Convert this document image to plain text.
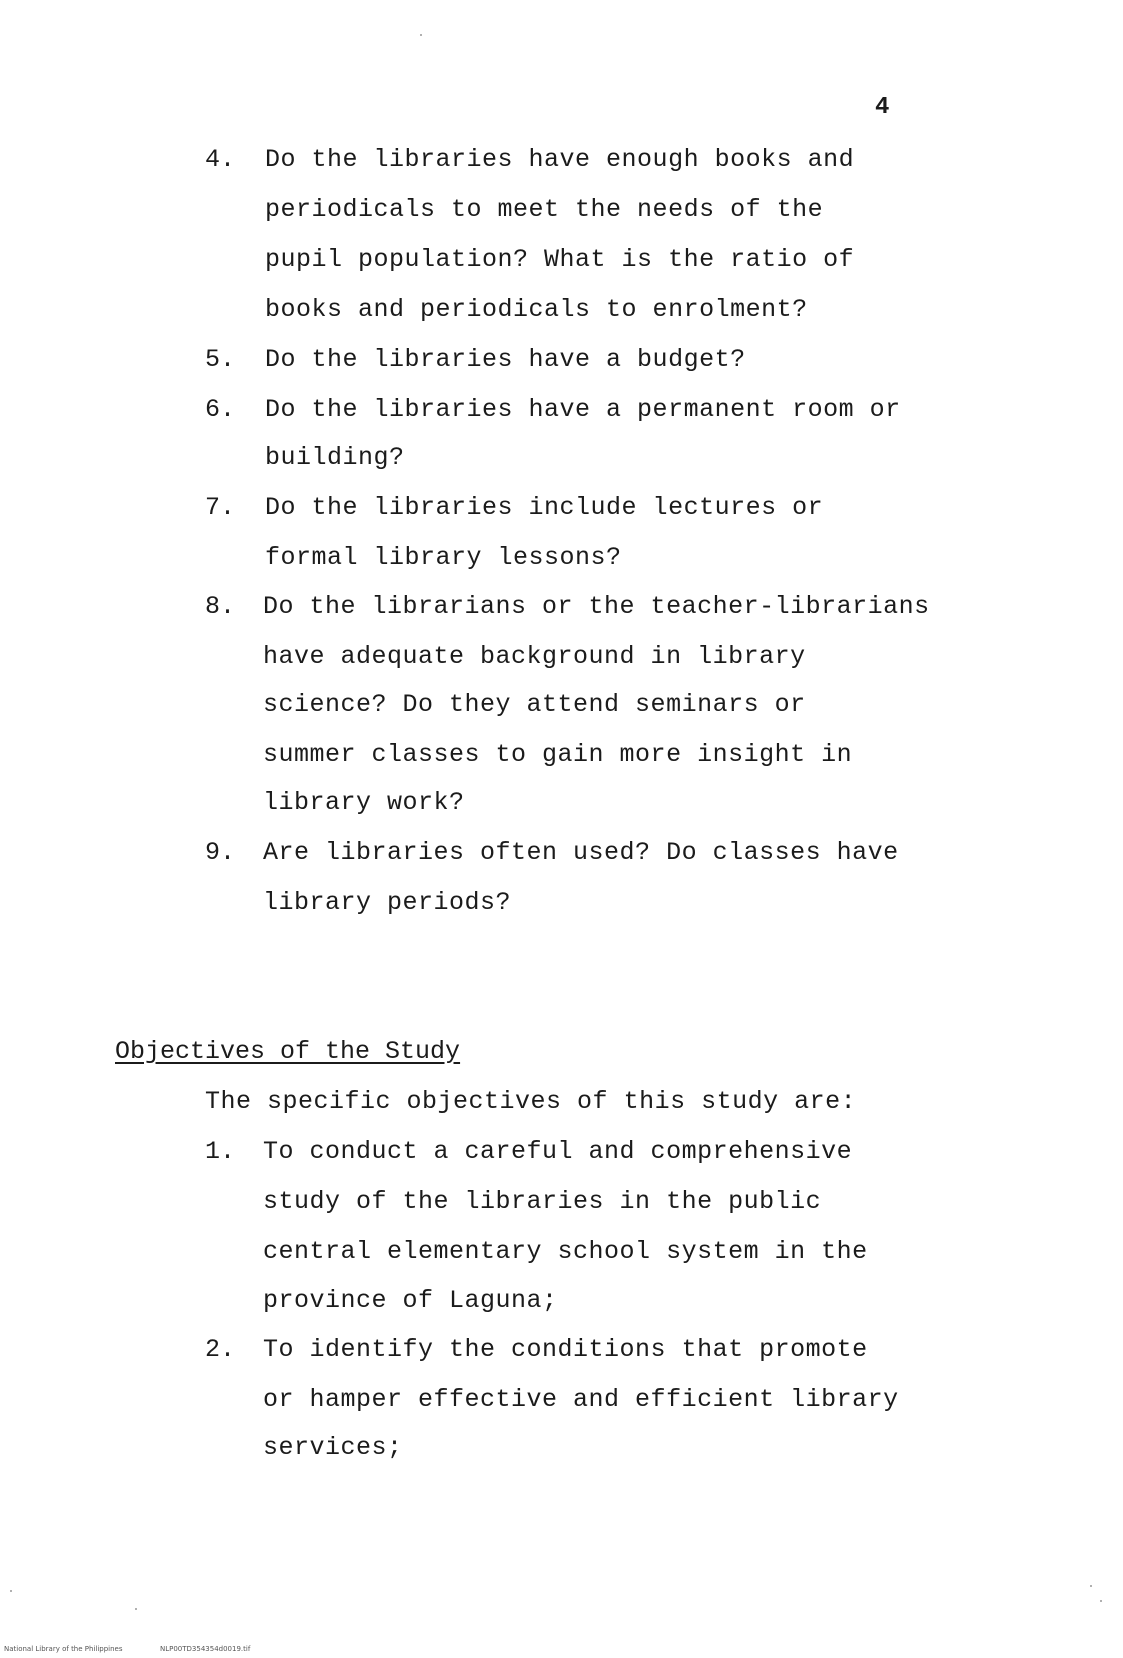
4
4. Do the libraries have enough books and
periodicals to meet the needs of the
pupil population? What is the ratio of
books and periodicals to enrolment?
5. Do the libraries have a budget?
6. Do the libraries have a permanent room or
building?
7. Do the libraries include lectures or
formal library lessons?
8. Do the librarians or the teacher-librarians
have adequate background in library
science? Do they attend seminars or
summer classes to gain more insight in
library work?
9. Are libraries often used? Do classes have
library periods?
Objectives of the Study
The specific objectives of this study are:
1. To conduct a careful and comprehensive
study of the libraries in the public
central elementary school system in the
province of Laguna;
2. To identify the conditions that promote
or hamper effective and efficient library
services;
National Library of the Philippines	NLP00TD354354d0019.tif
